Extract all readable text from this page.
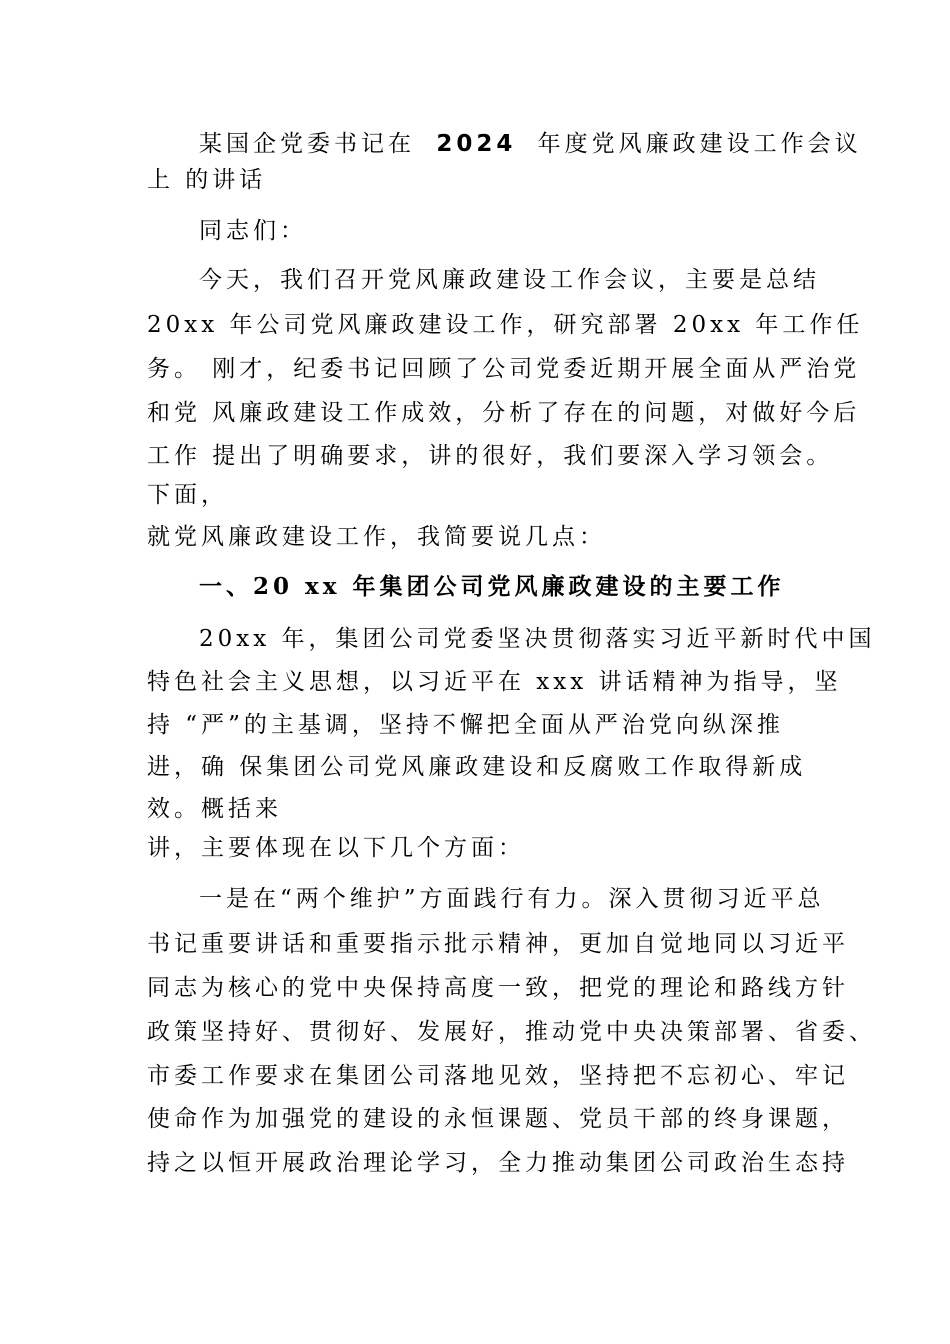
某国企党委书记在 2024 年度党风廉政建设工作会议
上 的讲话
同志们：
今天，我们召开党风廉政建设工作会议，主要是总结
20xx 年公司党风廉政建设工作，研究部署 20xx 年工作任
务。 刚才，纪委书记回顾了公司党委近期开展全面从严治党
和党 风廉政建设工作成效，分析了存在的问题，对做好今后
工作 提出了明确要求，讲的很好，我们要深入学习领会。
下面，
就党风廉政建设工作，我简要说几点：
一、20 xx 年集团公司党风廉政建设的主要工作
20xx 年，集团公司党委坚决贯彻落实习近平新时代中国
特色社会主义思想，以习近平在 xxx 讲话精神为指导，坚
持 “严”的主基调，坚持不懈把全面从严治党向纵深推
进，确 保集团公司党风廉政建设和反腐败工作取得新成
效。概括来
讲，主要体现在以下几个方面：
一是在“两个维护”方面践行有力。深入贯彻习近平总
书记重要讲话和重要指示批示精神，更加自觉地同以习近平
同志为核心的党中央保持高度一致，把党的理论和路线方针
政策坚持好、贯彻好、发展好，推动党中央决策部署、省委、
市委工作要求在集团公司落地见效，坚持把不忘初心、牢记
使命作为加强党的建设的永恒课题、党员干部的终身课题，
持之以恒开展政治理论学习，全力推动集团公司政治生态持
